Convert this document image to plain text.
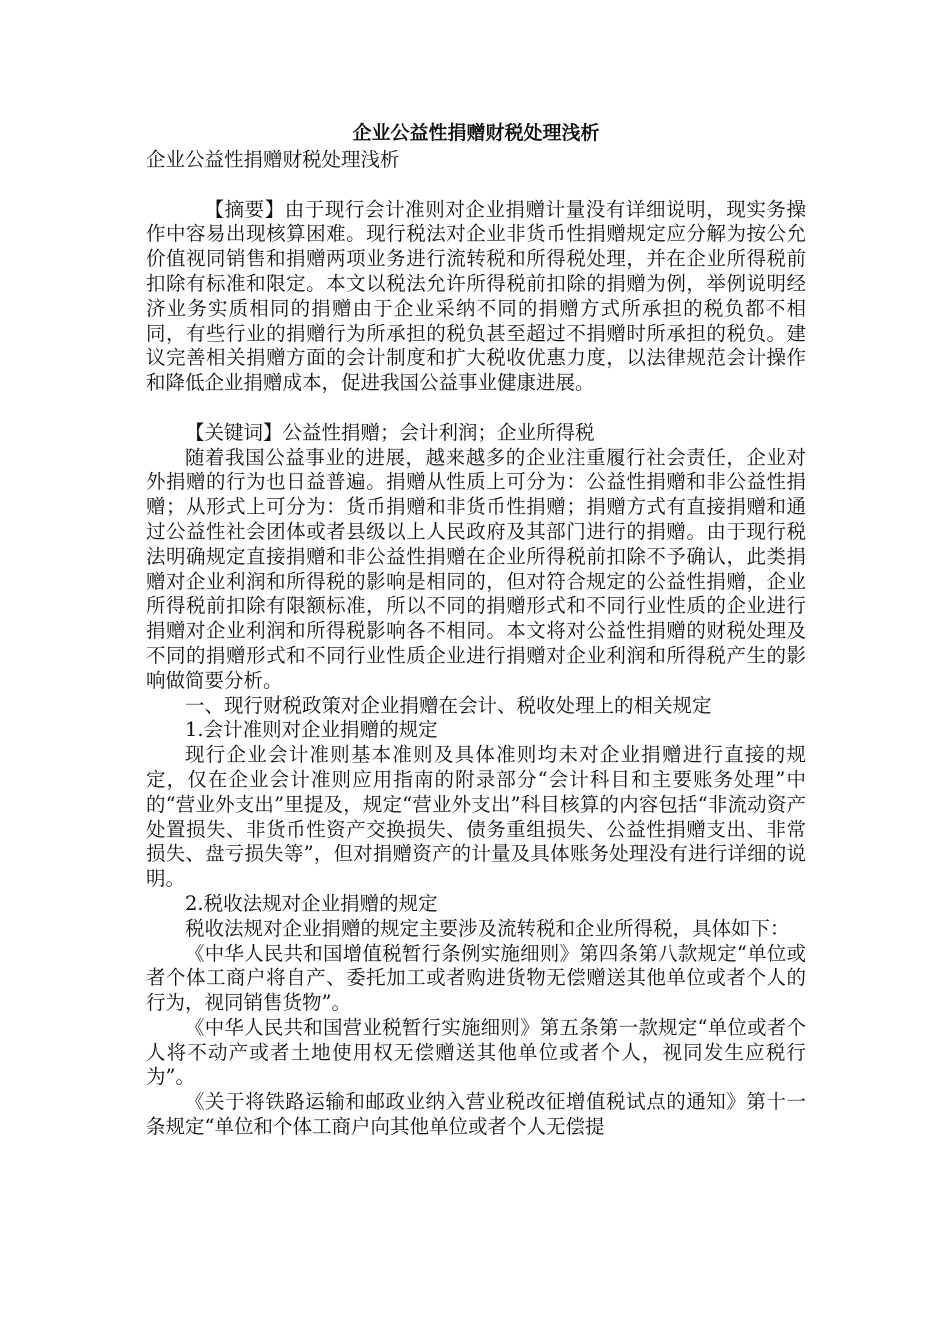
企业公益性捐赠财税处理浅析

企业公益性捐赠财税处理浅析

【摘要】由于现行会计准则对企业捐赠计量没有详细说明，现实务操作中容易出现核算困难。现行税法对企业非货币性捐赠规定应分解为按公允价值视同销售和捐赠两项业务进行流转税和所得税处理，并在企业所得税前扣除有标准和限定。本文以税法允许所得税前扣除的捐赠为例，举例说明经济业务实质相同的捐赠由于企业采纳不同的捐赠方式所承担的税负都不相同，有些行业的捐赠行为所承担的税负甚至超过不捐赠时所承担的税负。建议完善相关捐赠方面的会计制度和扩大税收优惠力度，以法律规范会计操作和降低企业捐赠成本，促进我国公益事业健康进展。

【关键词】公益性捐赠；会计利润；企业所得税

随着我国公益事业的进展，越来越多的企业注重履行社会责任，企业对外捐赠的行为也日益普遍。捐赠从性质上可分为：公益性捐赠和非公益性捐赠；从形式上可分为：货币捐赠和非货币性捐赠；捐赠方式有直接捐赠和通过公益性社会团体或者县级以上人民政府及其部门进行的捐赠。由于现行税法明确规定直接捐赠和非公益性捐赠在企业所得税前扣除不予确认，此类捐赠对企业利润和所得税的影响是相同的，但对符合规定的公益性捐赠，企业所得税前扣除有限额标准，所以不同的捐赠形式和不同行业性质的企业进行捐赠对企业利润和所得税影响各不相同。本文将对公益性捐赠的财税处理及不同的捐赠形式和不同行业性质企业进行捐赠对企业利润和所得税产生的影响做简要分析。

一、现行财税政策对企业捐赠在会计、税收处理上的相关规定

1.会计准则对企业捐赠的规定

现行企业会计准则基本准则及具体准则均未对企业捐赠进行直接的规定，仅在企业会计准则应用指南的附录部分“会计科目和主要账务处理”中的“营业外支出”里提及，规定“营业外支出”科目核算的内容包括“非流动资产处置损失、非货币性资产交换损失、债务重组损失、公益性捐赠支出、非常损失、盘亏损失等”，但对捐赠资产的计量及具体账务处理没有进行详细的说明。

2.税收法规对企业捐赠的规定

税收法规对企业捐赠的规定主要涉及流转税和企业所得税，具体如下：

《中华人民共和国增值税暂行条例实施细则》第四条第八款规定“单位或者个体工商户将自产、委托加工或者购进货物无偿赠送其他单位或者个人的行为，视同销售货物”。

《中华人民共和国营业税暂行实施细则》第五条第一款规定“单位或者个人将不动产或者土地使用权无偿赠送其他单位或者个人，视同发生应税行为”。

《关于将铁路运输和邮政业纳入营业税改征增值税试点的通知》第十一条规定“单位和个体工商户向其他单位或者个人无偿提
